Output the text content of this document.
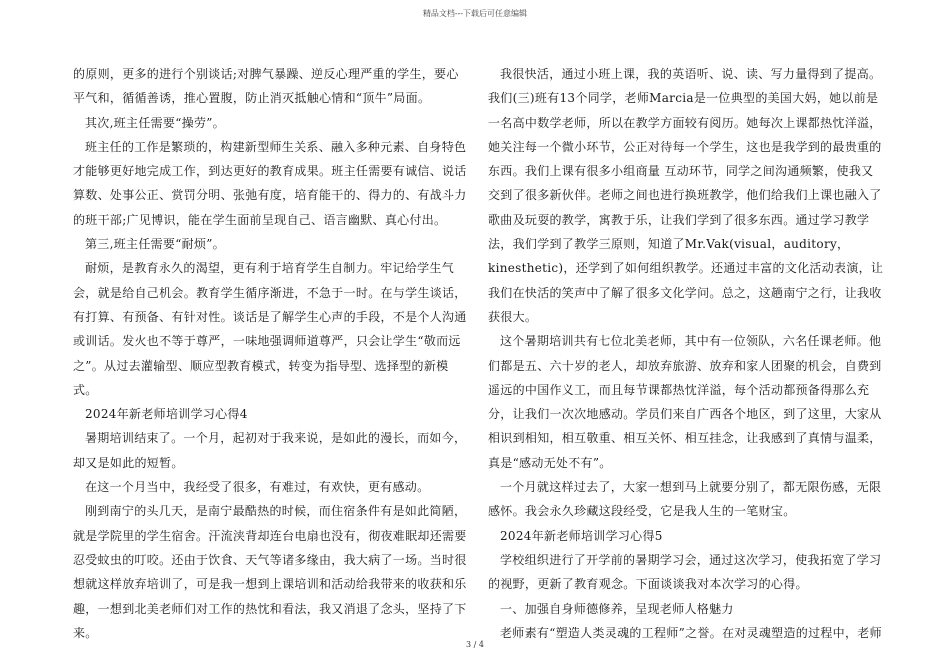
精品文档---下载后可任意编辑

的原则，更多的进行个别谈话;对脾气暴躁、逆反心理严重的学生，要心平气和，循循善诱，推心置腹，防止消灭抵触心情和“顶牛”局面。

其次,班主任需要“操劳”。

班主任的工作是繁琐的，构建新型师生关系、融入多种元素、自身特色才能够更好地完成工作，到达更好的教育成果。班主任需要有诚信、说话算数、处事公正、赏罚分明、张弛有度，培育能干的、得力的、有战斗力的班干部;广见博识，能在学生面前呈现自己、语言幽默、真心付出。

第三,班主任需要“耐烦”。

耐烦，是教育永久的渴望，更有利于培育学生自制力。牢记给学生气会，就是给自己机会。教育学生循序渐进，不急于一时。在与学生谈话，有打算、有预备、有针对性。谈话是了解学生心声的手段，不是个人沟通或训话。发火也不等于尊严，一味地强调师道尊严，只会让学生“敬而远之”。从过去灌输型、顺应型教育模式，转变为指导型、选择型的新模式。

2024年新老师培训学习心得4

暑期培训结束了。一个月，起初对于我来说，是如此的漫长，而如今，却又是如此的短暂。

在这一个月当中，我经受了很多，有难过，有欢快，更有感动。

刚到南宁的头几天，是南宁最酷热的时候，而住宿条件有是如此简陋，就是学院里的学生宿舍。汗流浃背却连台电扇也没有，彻夜难眠却还需要忍受蚊虫的叮咬。还由于饮食、天气等诸多缘由，我大病了一场。当时很想就这样放弃培训了，可是我一想到上课培训和活动给我带来的收获和乐趣，一想到北美老师们对工作的热忱和看法，我又消退了念头，坚持了下来。

我很快活，通过小班上课，我的英语听、说、读、写力量得到了提高。我们(三)班有13个同学，老师Marcia是一位典型的美国大妈，她以前是一名高中数学老师，所以在教学方面较有阅历。她每次上课都热忱洋溢，她关注每一个微小环节，公正对待每一个学生，这也是我学到的最贵重的东西。我们上课有很多小组商量 互动环节，同学之间沟通频繁，使我又交到了很多新伙伴。老师之间也进行换班教学，他们给我们上课也融入了歌曲及玩耍的教学，寓教于乐，让我们学到了很多东西。通过学习教学法，我们学到了教学三原则，知道了Mr.Vak(visual，auditory，kinesthetic)，还学到了如何组织教学。还通过丰富的文化活动表演，让我们在快活的笑声中了解了很多文化学问。总之，这趟南宁之行，让我收获很大。

这个暑期培训共有七位北美老师，其中有一位领队，六名任课老师。他们都是五、六十岁的老人，却放弃旅游、放弃和家人团聚的机会，自费到遥远的中国作义工，而且每节课都热忱洋溢，每个活动都预备得那么充分，让我们一次次地感动。学员们来自广西各个地区，到了这里，大家从相识到相知，相互敬重、相互关怀、相互挂念，让我感到了真情与温柔，真是“感动无处不有”。

一个月就这样过去了，大家一想到马上就要分别了，都无限伤感，无限感怀。我会永久珍藏这段经受，它是我人生的一笔财宝。

2024年新老师培训学习心得5

学校组织进行了开学前的暑期学习会，通过这次学习，使我拓宽了学习的视野，更新了教育观念。下面谈谈我对本次学习的心得。

一、加强自身师德修养，呈现老师人格魅力

老师素有“塑造人类灵魂的工程师”之誉。在对灵魂塑造的过程中，老师

3 / 4
